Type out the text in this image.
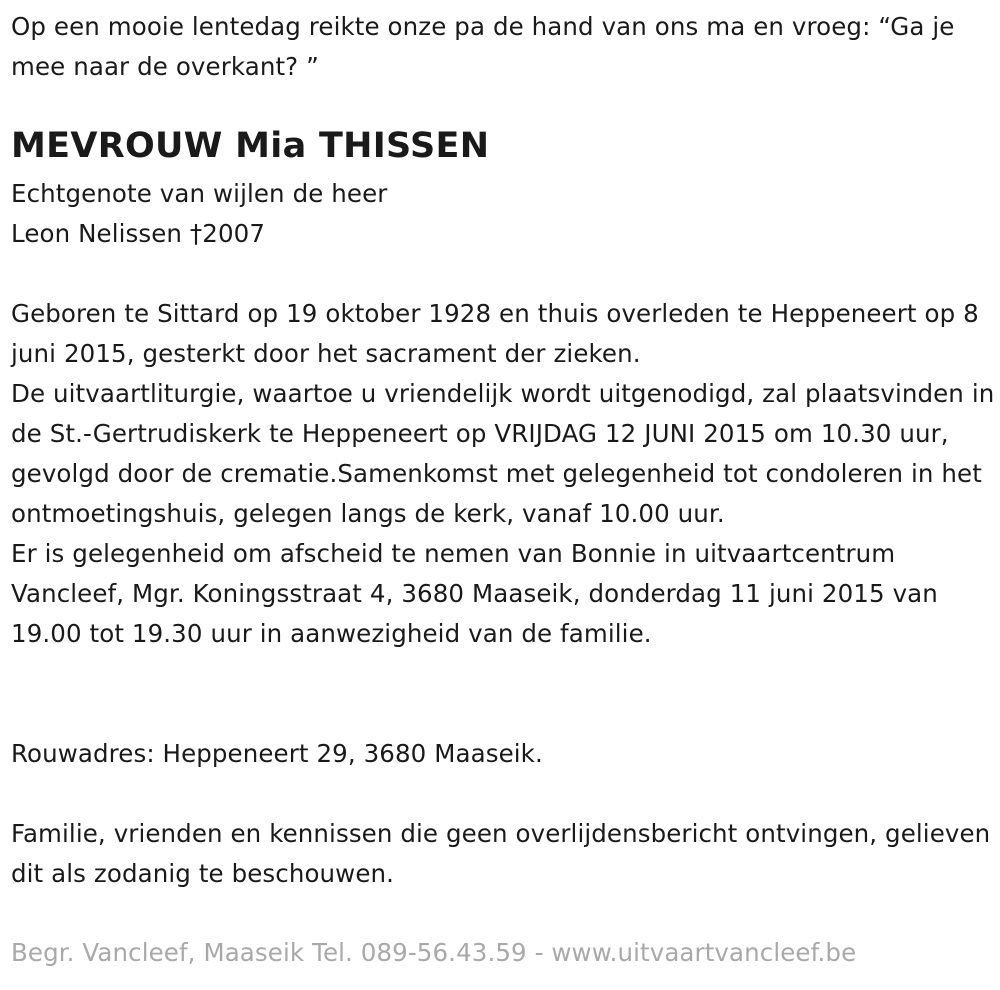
Op een mooie lentedag reikte onze pa de hand van ons ma en vroeg: “Ga je mee naar de overkant? ”

MEVROUW Mia THISSEN

Echtgenote van wijlen de heer

Leon Nelissen †2007

Geboren te Sittard op 19 oktober 1928 en thuis overleden te Heppeneert op 8 juni 2015, gesterkt door het sacrament der zieken.

De uitvaartliturgie, waartoe u vriendelijk wordt uitgenodigd, zal plaatsvinden in de St.-Gertrudiskerk te Heppeneert op VRIJDAG 12 JUNI 2015 om 10.30 uur, gevolgd door de crematie.Samenkomst met gelegenheid tot condoleren in het ontmoetingshuis, gelegen langs de kerk, vanaf 10.00 uur.

Er is gelegenheid om afscheid te nemen van Bonnie in uitvaartcentrum Vancleef, Mgr. Koningsstraat 4, 3680 Maaseik, donderdag 11 juni 2015 van 19.00 tot 19.30 uur in aanwezigheid van de familie.

Rouwadres: Heppeneert 29, 3680 Maaseik.

Familie, vrienden en kennissen die geen overlijdensbericht ontvingen, gelieven dit als zodanig te beschouwen.

Begr. Vancleef, Maaseik Tel. 089-56.43.59 - www.uitvaartvancleef.be
